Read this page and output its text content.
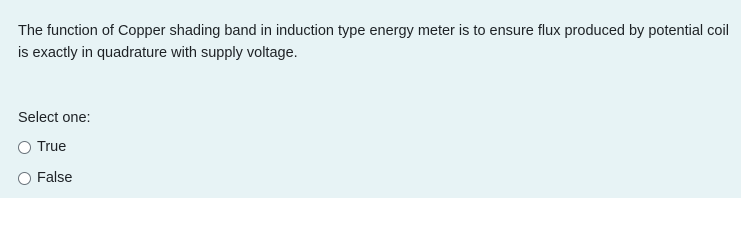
The function of Copper shading band in induction type energy meter is to ensure flux produced by potential coil is exactly in quadrature with supply voltage.
Select one:
True
False
